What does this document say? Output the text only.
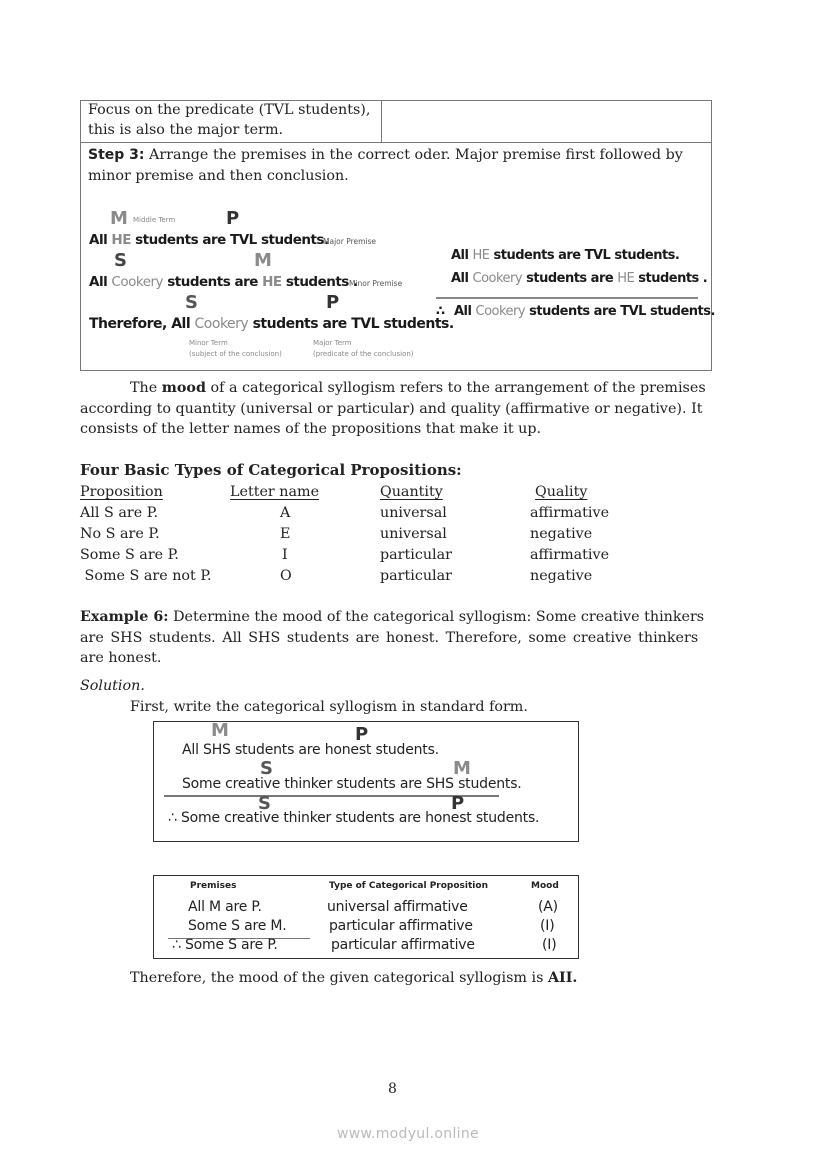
Focus on the predicate (TVL students),
this is also the major term.
Step 3: Arrange the premises in the correct oder. Major premise first followed by
minor premise and then conclusion.
M Middle Term	P
All HE students are TVL students.
Major Premise
S	M
All Cookery students are HE students .
Minor Premise
S	P
Therefore, All Cookery students are TVL students.
Minor Term
(subject of the conclusion)
Major Term
(predicate of the conclusion)
All HE students are TVL students.
All Cookery students are HE students .
∴ All Cookery students are TVL students.
The mood of a categorical syllogism refers to the arrangement of the premises
according to quantity (universal or particular) and quality (affirmative or negative). It
consists of the letter names of the propositions that make it up.
Four Basic Types of Categorical Propositions:
Proposition	Letter name	Quantity	Quality
All S are P.	A	universal	affirmative
No S are P.	E	universal	negative
Some S are P.	I	particular	affirmative
Some S are not P.	O	particular	negative
Example 6: Determine the mood of the categorical syllogism: Some creative thinkers
are SHS students. All SHS students are honest. Therefore, some creative thinkers
are honest.
Solution.
First, write the categorical syllogism in standard form.
M	P
All SHS students are honest students.
S	M
Some creative thinker students are SHS students.
S	P
∴ Some creative thinker students are honest students.
Premises	Type of Categorical Proposition	Mood
All M are P.	universal affirmative	(A)
Some S are M.	particular affirmative	(I)
∴ Some S are P.	particular affirmative	(I)
Therefore, the mood of the given categorical syllogism is AII.
8
www.modyul.online
